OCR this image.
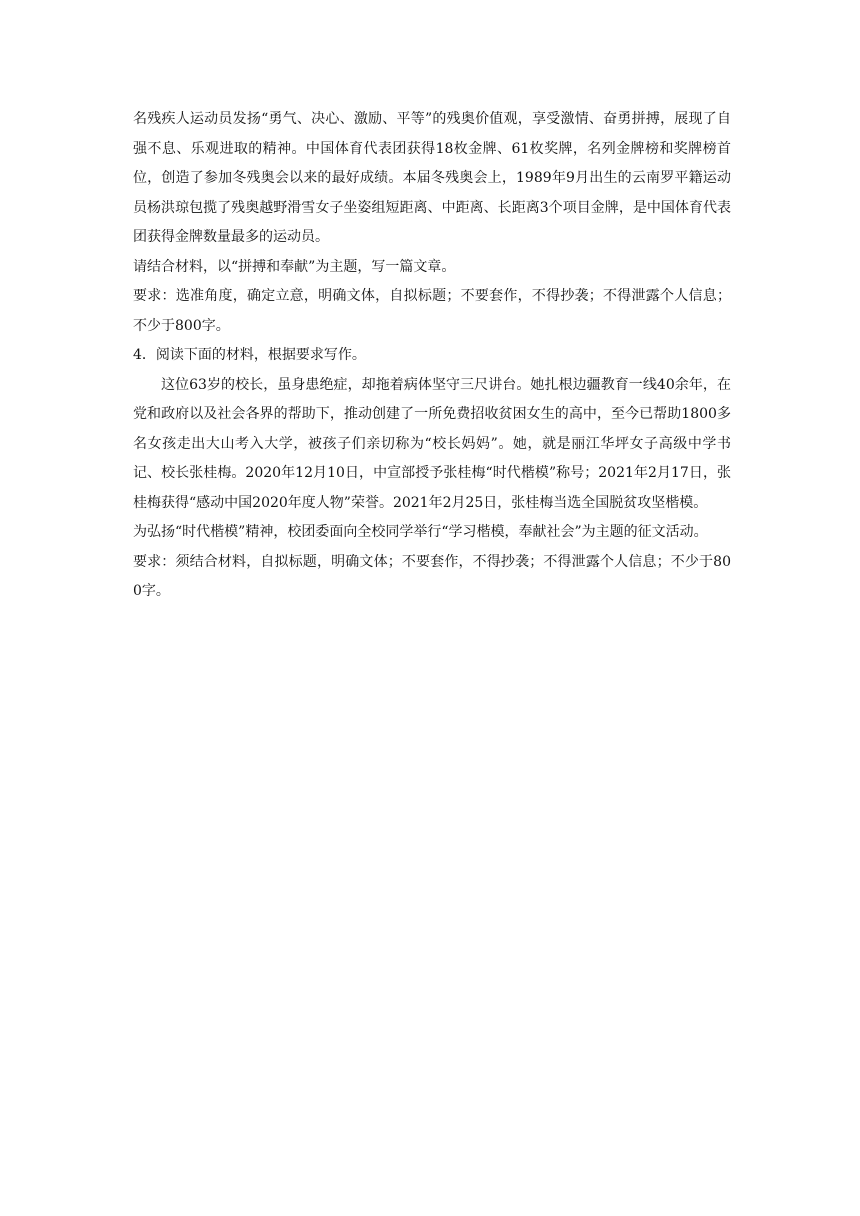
名残疾人运动员发扬“勇气、决心、激励、平等”的残奥价值观，享受激情、奋勇拼搏，展现了自强不息、乐观进取的精神。中国体育代表团获得18枚金牌、61枚奖牌，名列金牌榜和奖牌榜首位，创造了参加冬残奥会以来的最好成绩。本届冬残奥会上，1989年9月出生的云南罗平籍运动员杨洪琼包揽了残奥越野滑雪女子坐姿组短距离、中距离、长距离3个项目金牌，是中国体育代表团获得金牌数量最多的运动员。

请结合材料，以“拼搏和奉献”为主题，写一篇文章。

要求：选准角度，确定立意，明确文体，自拟标题；不要套作，不得抄袭；不得泄露个人信息；不少于800字。

4．阅读下面的材料，根据要求写作。

这位63岁的校长，虽身患绝症，却拖着病体坚守三尺讲台。她扎根边疆教育一线40余年，在党和政府以及社会各界的帮助下，推动创建了一所免费招收贫困女生的高中，至今已帮助1800多名女孩走出大山考入大学，被孩子们亲切称为“校长妈妈”。她，就是丽江华坪女子高级中学书记、校长张桂梅。2020年12月10日，中宣部授予张桂梅“时代楷模”称号；2021年2月17日，张桂梅获得“感动中国2020年度人物”荣誉。2021年2月25日，张桂梅当选全国脱贫攻坚楷模。

为弘扬“时代楷模”精神，校团委面向全校同学举行“学习楷模，奉献社会”为主题的征文活动。

要求：须结合材料，自拟标题，明确文体；不要套作，不得抄袭；不得泄露个人信息；不少于800字。
